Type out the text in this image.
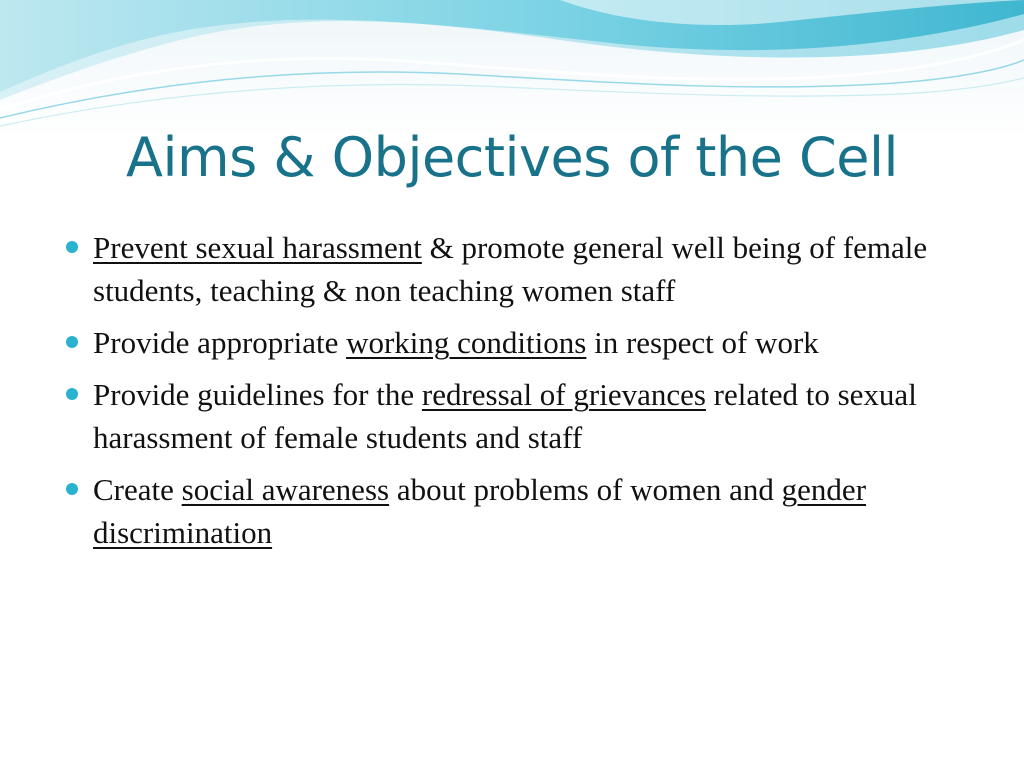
Aims & Objectives of the Cell
Prevent sexual harassment & promote general well being of female students, teaching & non teaching women staff
Provide appropriate working conditions in respect of work
Provide guidelines for the redressal of grievances related to sexual harassment of female students and staff
Create social awareness about problems of women and gender discrimination
